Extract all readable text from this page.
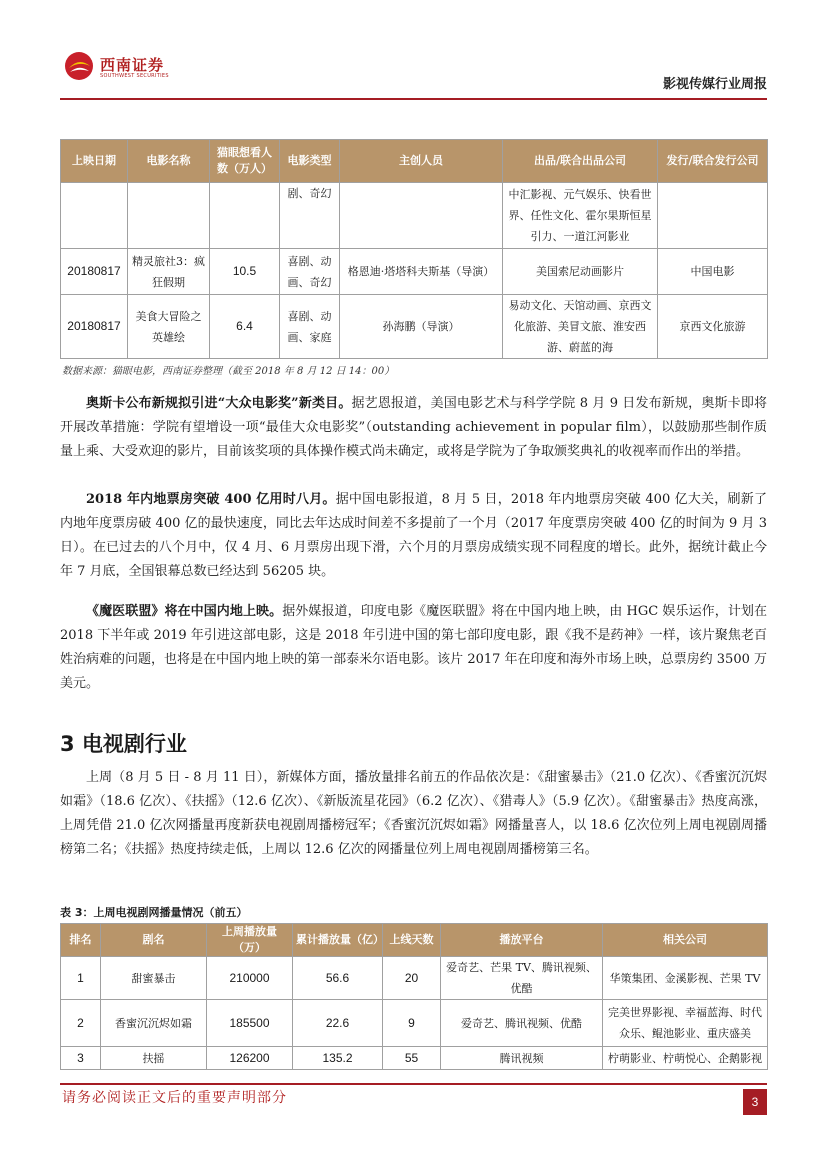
西南证券
SOUTHWEST SECURITIES
影视传媒行业周报
上映日期	电影名称	猫眼想看人数（万人）	电影类型	主创人员	出品/联合出品公司	发行/联合发行公司
			剧、奇幻		中汇影视、元气娱乐、快看世界、任性文化、霍尔果斯恒星引力、一道江河影业	
20180817	精灵旅社3：疯狂假期	10.5	喜剧、动画、奇幻	格恩迪·塔塔科夫斯基（导演）	美国索尼动画影片	中国电影
20180817	美食大冒险之英雄绘	6.4	喜剧、动画、家庭	孙海鹏（导演）	易动文化、天馆动画、京西文化旅游、美冒文旅、淮安西游、蔚蓝的海	京西文化旅游
数据来源：猫眼电影，西南证券整理（截至 2018 年 8 月 12 日 14：00）
奥斯卡公布新规拟引进“大众电影奖”新类目。据艺恩报道，美国电影艺术与科学学院 8 月 9 日发布新规，奥斯卡即将开展改革措施：学院有望增设一项“最佳大众电影奖”（outstanding achievement in popular film），以鼓励那些制作质量上乘、大受欢迎的影片，目前该奖项的具体操作模式尚未确定，或将是学院为了争取颁奖典礼的收视率而作出的举措。
2018 年内地票房突破 400 亿用时八月。据中国电影报道，8 月 5 日，2018 年内地票房突破 400 亿大关，刷新了内地年度票房破 400 亿的最快速度，同比去年达成时间差不多提前了一个月（2017 年度票房突破 400 亿的时间为 9 月 3 日）。在已过去的八个月中，仅 4 月、6 月票房出现下滑，六个月的月票房成绩实现不同程度的增长。此外，据统计截止今年 7 月底，全国银幕总数已经达到 56205 块。
《魔医联盟》将在中国内地上映。据外媒报道，印度电影《魔医联盟》将在中国内地上映，由 HGC 娱乐运作，计划在 2018 下半年或 2019 年引进这部电影，这是 2018 年引进中国的第七部印度电影，跟《我不是药神》一样，该片聚焦老百姓治病难的问题，也将是在中国内地上映的第一部泰米尔语电影。该片 2017 年在印度和海外市场上映，总票房约 3500 万美元。
3 电视剧行业
上周（8 月 5 日 - 8 月 11 日），新媒体方面，播放量排名前五的作品依次是：《甜蜜暴击》（21.0 亿次）、《香蜜沉沉烬如霜》（18.6 亿次）、《扶摇》（12.6 亿次）、《新版流星花园》（6.2 亿次）、《猎毒人》（5.9 亿次）。《甜蜜暴击》热度高涨，上周凭借 21.0 亿次网播量再度新获电视剧周播榜冠军；《香蜜沉沉烬如霜》网播量喜人，以 18.6 亿次位列上周电视剧周播榜第二名；《扶摇》热度持续走低，上周以 12.6 亿次的网播量位列上周电视剧周播榜第三名。
表 3：上周电视剧网播量情况（前五）
排名	剧名	上周播放量（万）	累计播放量（亿）	上线天数	播放平台	相关公司
1	甜蜜暴击	210000	56.6	20	爱奇艺、芒果 TV、腾讯视频、优酷	华策集团、金溪影视、芒果 TV
2	香蜜沉沉烬如霜	185500	22.6	9	爱奇艺、腾讯视频、优酷	完美世界影视、幸福蓝海、时代众乐、鲲池影业、重庆盛美
3	扶摇	126200	135.2	55	腾讯视频	柠萌影业、柠萌悦心、企鹅影视
请务必阅读正文后的重要声明部分	3
